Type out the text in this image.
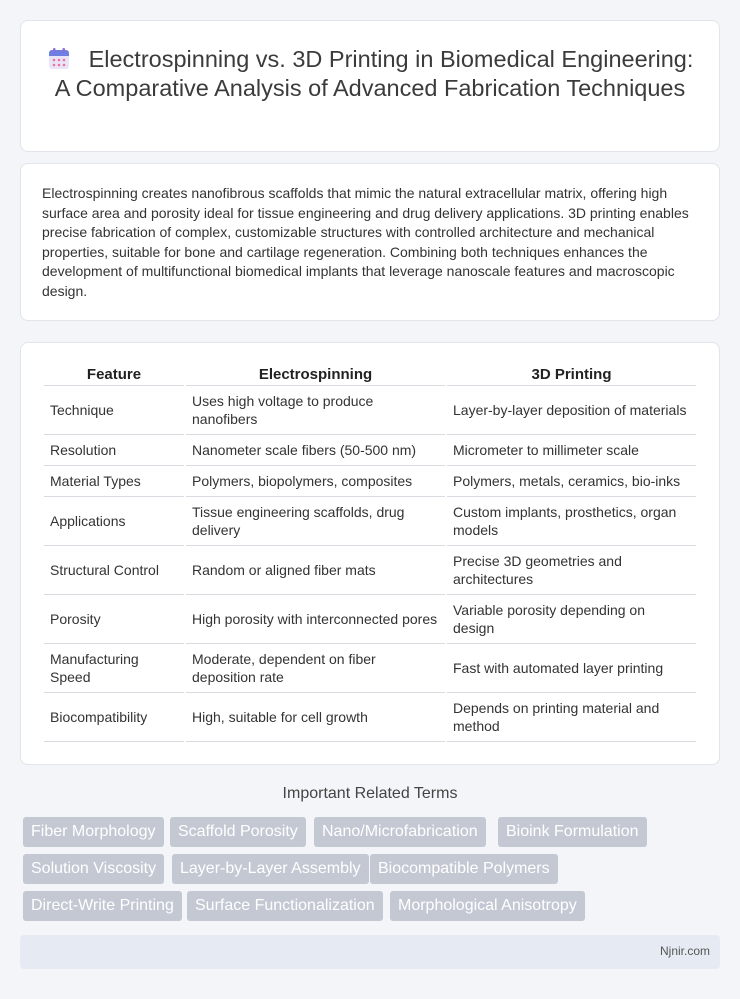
Electrospinning vs. 3D Printing in Biomedical Engineering: A Comparative Analysis of Advanced Fabrication Techniques

Electrospinning creates nanofibrous scaffolds that mimic the natural extracellular matrix, offering high surface area and porosity ideal for tissue engineering and drug delivery applications. 3D printing enables precise fabrication of complex, customizable structures with controlled architecture and mechanical properties, suitable for bone and cartilage regeneration. Combining both techniques enhances the development of multifunctional biomedical implants that leverage nanoscale features and macroscopic design.

Feature	Electrospinning	3D Printing
Technique	Uses high voltage to produce nanofibers	Layer-by-layer deposition of materials
Resolution	Nanometer scale fibers (50-500 nm)	Micrometer to millimeter scale
Material Types	Polymers, biopolymers, composites	Polymers, metals, ceramics, bio-inks
Applications	Tissue engineering scaffolds, drug delivery	Custom implants, prosthetics, organ models
Structural Control	Random or aligned fiber mats	Precise 3D geometries and architectures
Porosity	High porosity with interconnected pores	Variable porosity depending on design
Manufacturing Speed	Moderate, dependent on fiber deposition rate	Fast with automated layer printing
Biocompatibility	High, suitable for cell growth	Depends on printing material and method
Important Related Terms
Fiber Morphology	Scaffold Porosity	Nano/Microfabrication	Bioink Formulation
Solution Viscosity	Layer-by-Layer Assembly	Biocompatible Polymers
Direct-Write Printing	Surface Functionalization	Morphological Anisotropy
Njnir.com
